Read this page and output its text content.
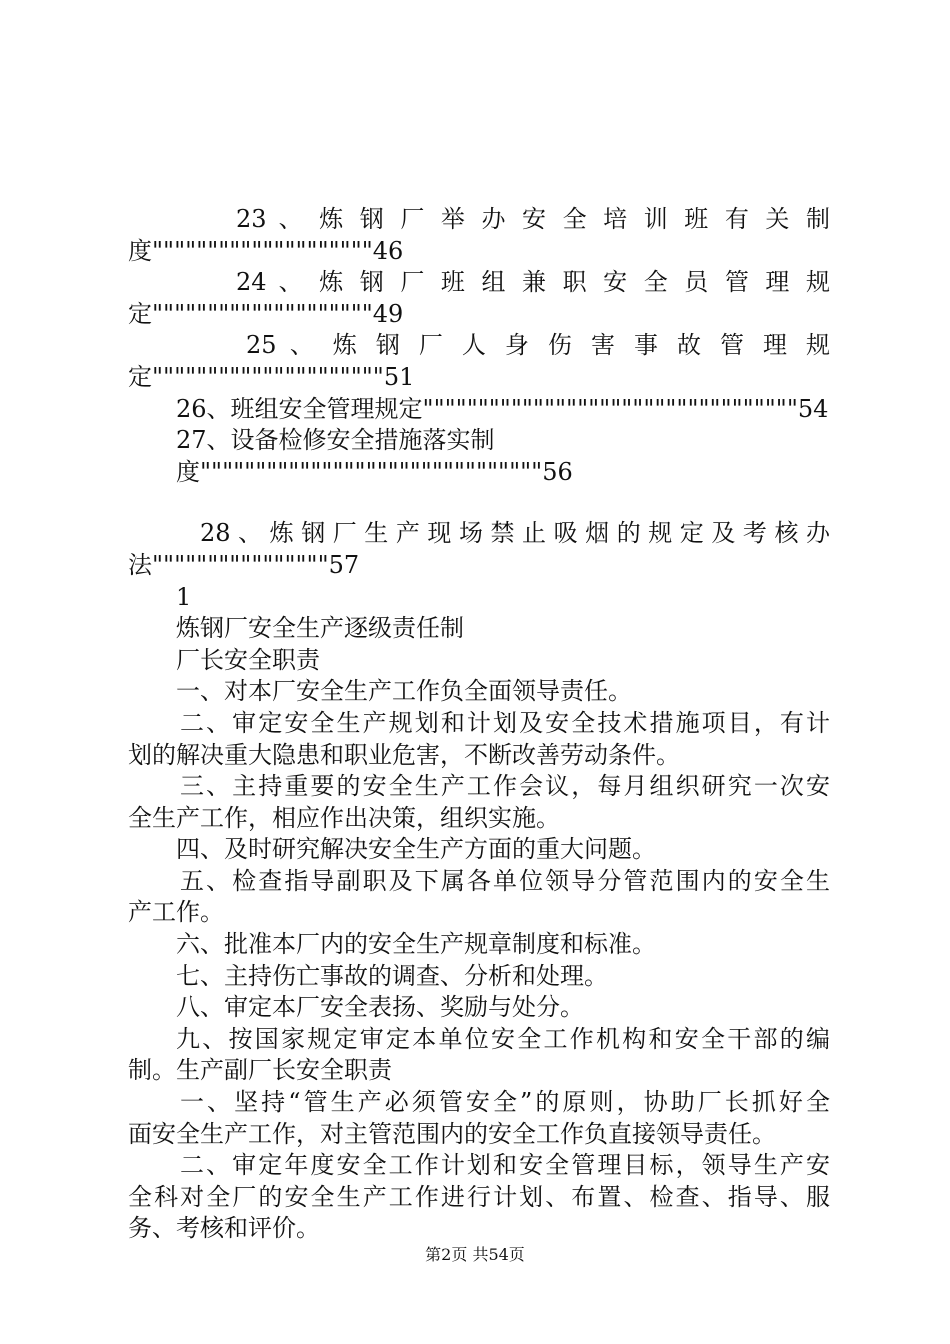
23 、 炼 钢 厂 举 办 安 全 培 训 班 有 关 制
度""""""""""""""""""""46
24 、 炼 钢 厂 班 组 兼 职 安 全 员 管 理 规
定""""""""""""""""""""49
25 、 炼 钢 厂 人 身 伤 害 事 故 管 理 规
定"""""""""""""""""""""51
26、班组安全管理规定""""""""""""""""""""""""""""""""""54
27、设备检修安全措施落实制度"""""""""""""""""""""""""""""""56
28、炼钢厂生产现场禁止吸烟的规定及考核办
法""""""""""""""""57
1
炼钢厂安全生产逐级责任制
厂长安全职责
一、对本厂安全生产工作负全面领导责任。
二、审定安全生产规划和计划及安全技术措施项目，有计
划的解决重大隐患和职业危害，不断改善劳动条件。
三、主持重要的安全生产工作会议，每月组织研究一次安
全生产工作，相应作出决策，组织实施。
四、及时研究解决安全生产方面的重大问题。
五、检查指导副职及下属各单位领导分管范围内的安全生
产工作。
六、批准本厂内的安全生产规章制度和标准。
七、主持伤亡事故的调查、分析和处理。
八、审定本厂安全表扬、奖励与处分。
九、按国家规定审定本单位安全工作机构和安全干部的编
制。生产副厂长安全职责
一、坚持“管生产必须管安全”的原则，协助厂长抓好全
面安全生产工作，对主管范围内的安全工作负直接领导责任。
二、审定年度安全工作计划和安全管理目标，领导生产安
全科对全厂的安全生产工作进行计划、布置、检查、指导、服
务、考核和评价。
第2页 共54页
